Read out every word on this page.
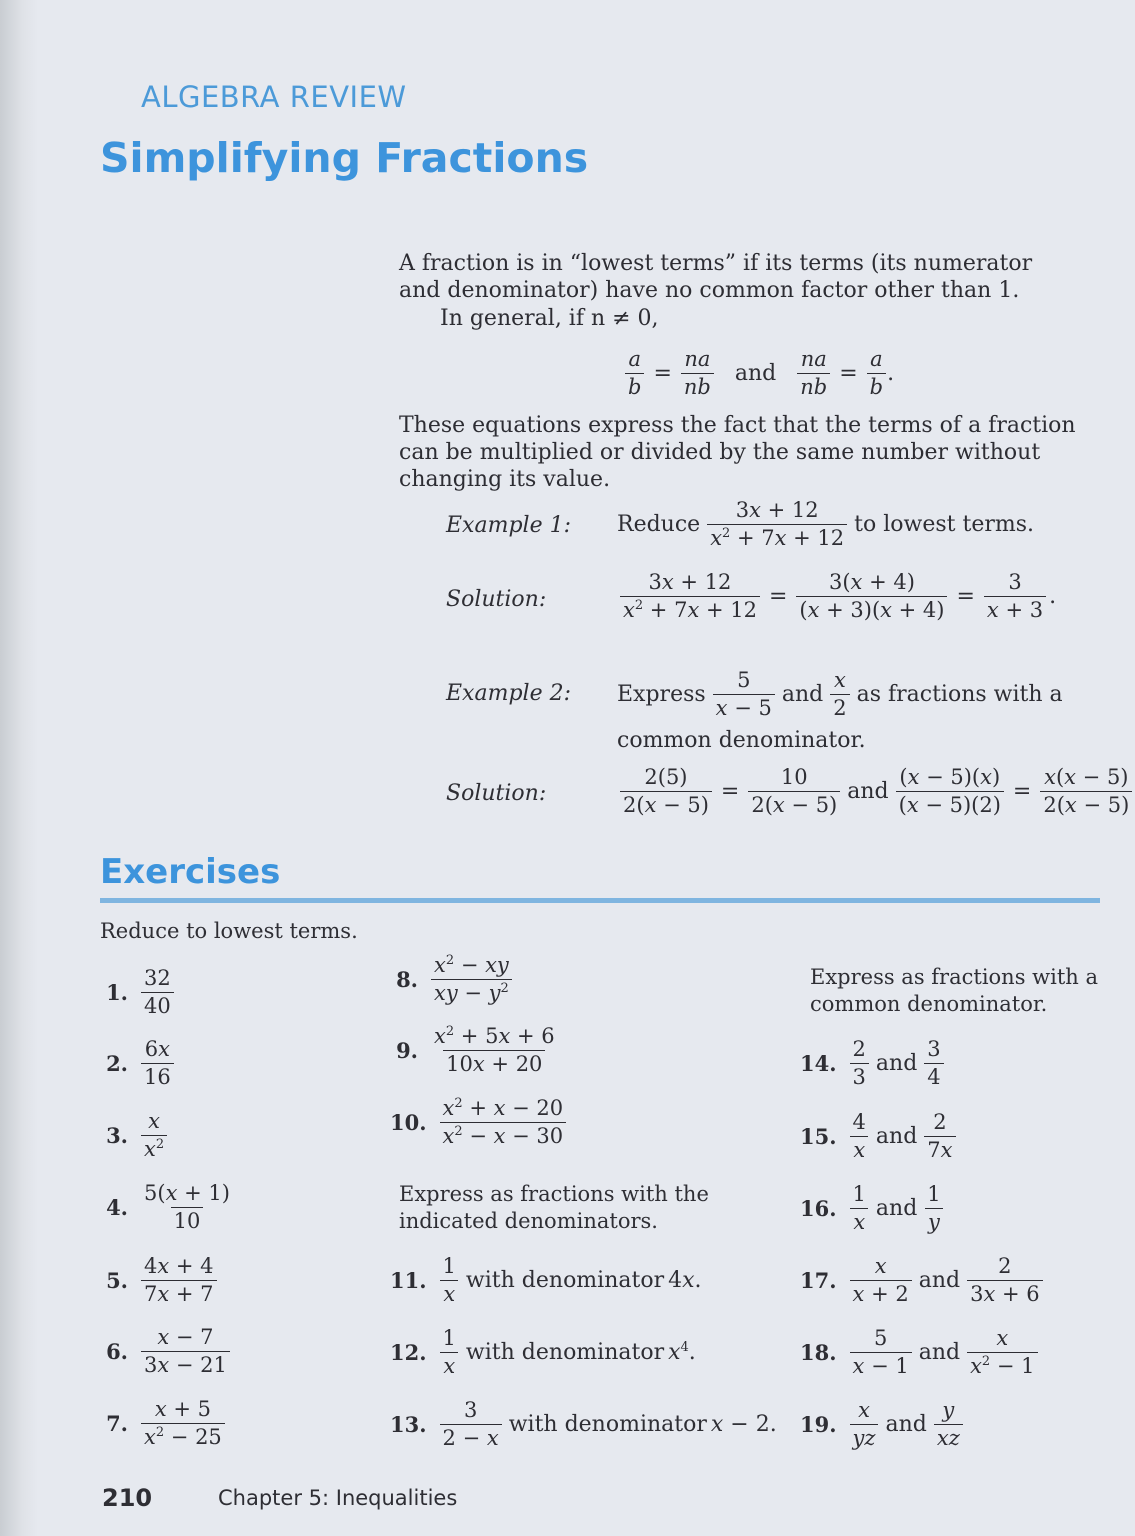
ALGEBRA REVIEW
Simplifying Fractions
A fraction is in “lowest terms” if its terms (its numerator and denominator) have no common factor other than 1.
In general, if n ≠ 0,
$\frac{a}{b} = \frac{na}{nb}$ and $\frac{na}{nb} = \frac{a}{b}$ .
These equations express the fact that the terms of a fraction can be multiplied or divided by the same number without changing its value.
Example 1: Reduce $\frac{3x + 12}{x^2 + 7x + 12}$ to lowest terms.
Solution:	$\frac{3x + 12}{x^2 + 7x + 12} = \frac{3(x + 4)}{(x + 3)(x + 4)} = \frac{3}{x + 3}$ .
Example 2: Express $\frac{5}{x - 5}$ and $\frac{x}{2}$ as fractions with a
common denominator.
Solution:	$\frac{2(5)}{2(x - 5)} = \frac{10}{2(x - 5)}$ and $\frac{(x - 5)(x)}{(x - 5)(2)} = \frac{x(x - 5)}{2(x - 5)}$
Exercises
Reduce to lowest terms.
1. $\frac{32}{40}$
2. $\frac{6x}{16}$
3. $\frac{x}{x^2}$
4. $\frac{5(x + 1)}{10}$
5. $\frac{4x + 4}{7x + 7}$
6. $\frac{x - 7}{3x - 21}$
7. $\frac{x + 5}{x^2 - 25}$
8. $\frac{x^2 - xy}{xy - y^2}$
9. $\frac{x^2 + 5x + 6}{10x + 20}$
10. $\frac{x^2 + x - 20}{x^2 - x - 30}$
Express as fractions with the indicated denominators.
11. $\frac{1}{x}$ with denominator 4x.
12. $\frac{1}{x}$ with denominator $x^4$.
13. $\frac{3}{2 - x}$ with denominator x − 2.
Express as fractions with a common denominator.
14. $\frac{2}{3}$ and $\frac{3}{4}$
15. $\frac{4}{x}$ and $\frac{2}{7x}$
16. $\frac{1}{x}$ and $\frac{1}{y}$
17. $\frac{x}{x + 2}$ and $\frac{2}{3x + 6}$
18. $\frac{5}{x - 1}$ and $\frac{x}{x^2 - 1}$
19. $\frac{x}{yz}$ and $\frac{y}{xz}$
210	Chapter 5: Inequalities
